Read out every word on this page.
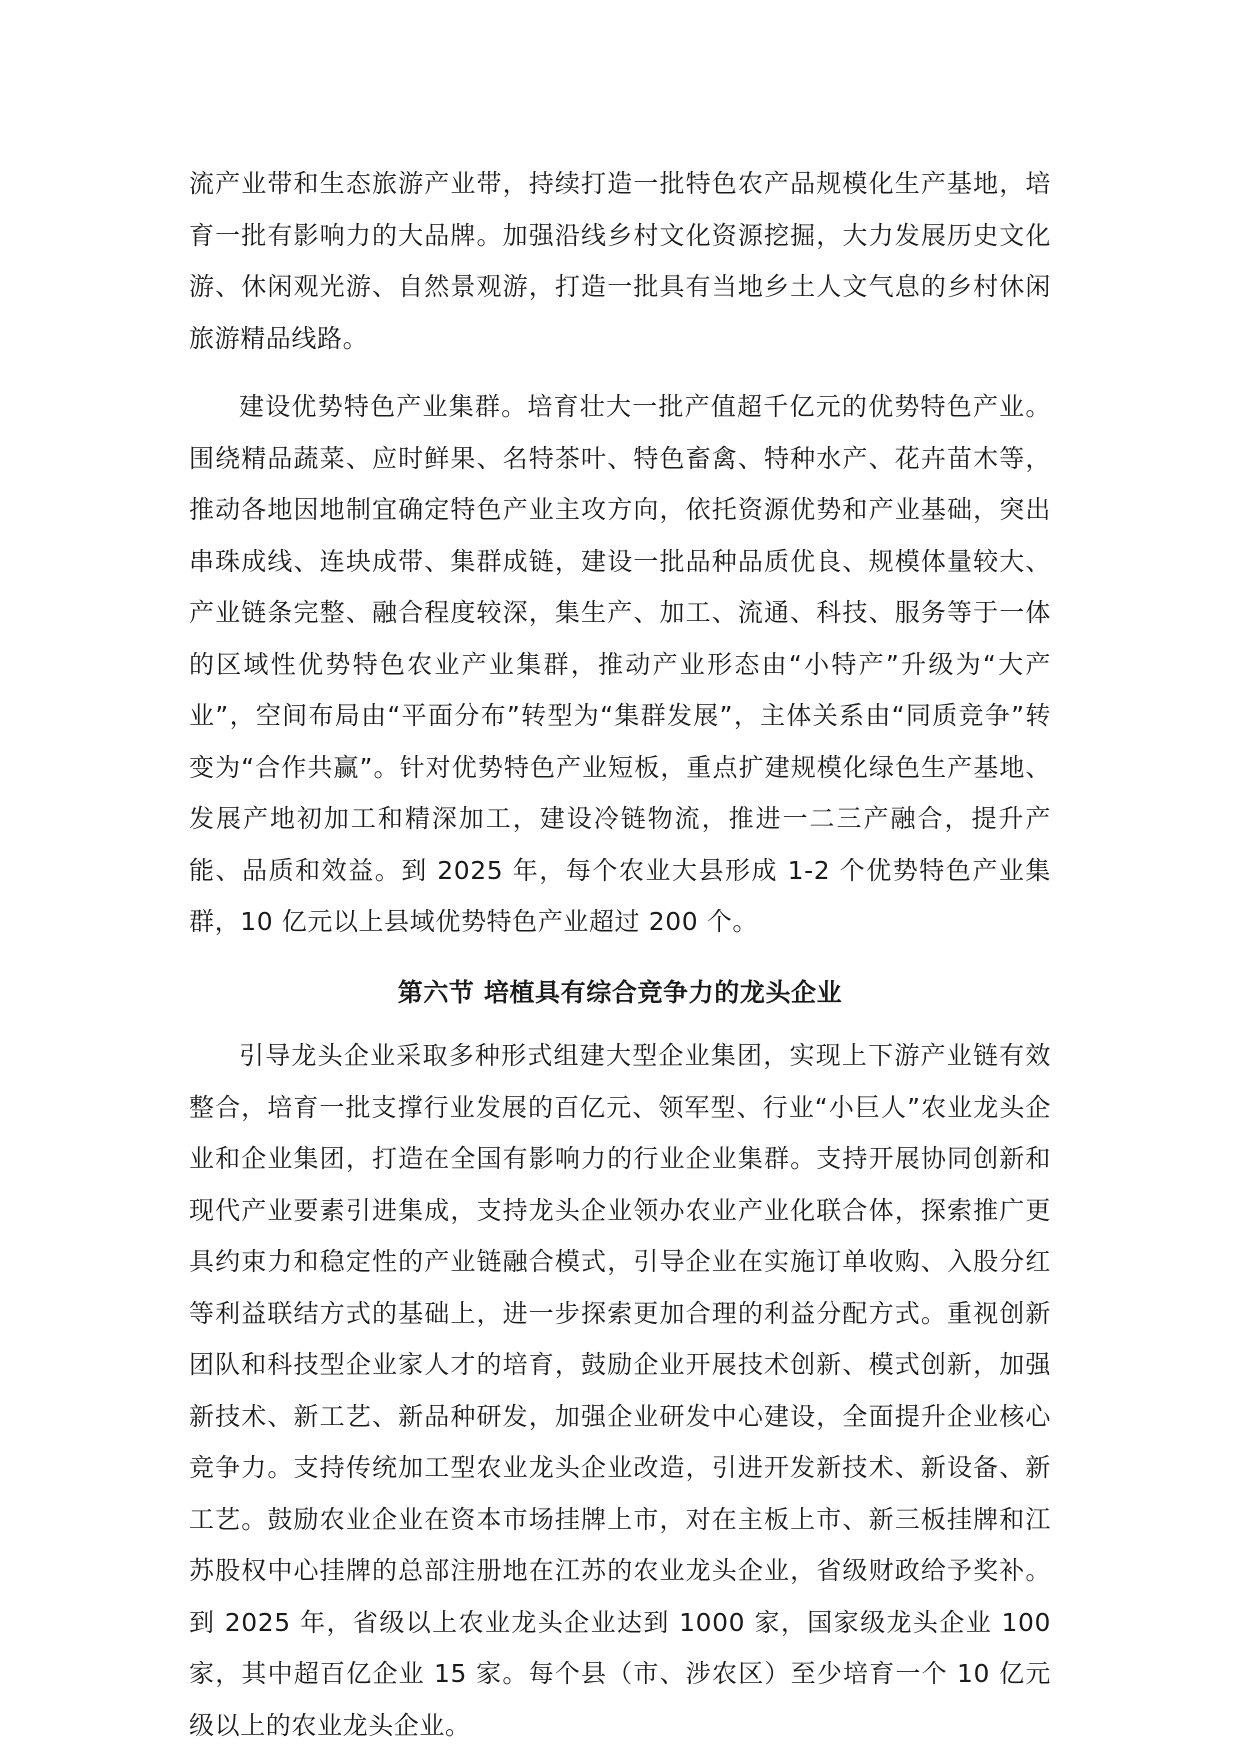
流产业带和生态旅游产业带，持续打造一批特色农产品规模化生产基地，培育一批有影响力的大品牌。加强沿线乡村文化资源挖掘，大力发展历史文化游、休闲观光游、自然景观游，打造一批具有当地乡土人文气息的乡村休闲旅游精品线路。

建设优势特色产业集群。培育壮大一批产值超千亿元的优势特色产业。围绕精品蔬菜、应时鲜果、名特茶叶、特色畜禽、特种水产、花卉苗木等，推动各地因地制宜确定特色产业主攻方向，依托资源优势和产业基础，突出串珠成线、连块成带、集群成链，建设一批品种品质优良、规模体量较大、产业链条完整、融合程度较深，集生产、加工、流通、科技、服务等于一体的区域性优势特色农业产业集群，推动产业形态由“小特产”升级为“大产业”，空间布局由“平面分布”转型为“集群发展”，主体关系由“同质竞争”转变为“合作共赢”。针对优势特色产业短板，重点扩建规模化绿色生产基地、发展产地初加工和精深加工，建设冷链物流，推进一二三产融合，提升产能、品质和效益。到 2025 年，每个农业大县形成 1-2 个优势特色产业集群，10 亿元以上县域优势特色产业超过 200 个。

第六节 培植具有综合竞争力的龙头企业

引导龙头企业采取多种形式组建大型企业集团，实现上下游产业链有效整合，培育一批支撑行业发展的百亿元、领军型、行业“小巨人”农业龙头企业和企业集团，打造在全国有影响力的行业企业集群。支持开展协同创新和现代产业要素引进集成，支持龙头企业领办农业产业化联合体，探索推广更具约束力和稳定性的产业链融合模式，引导企业在实施订单收购、入股分红等利益联结方式的基础上，进一步探索更加合理的利益分配方式。重视创新团队和科技型企业家人才的培育，鼓励企业开展技术创新、模式创新，加强新技术、新工艺、新品种研发，加强企业研发中心建设，全面提升企业核心竞争力。支持传统加工型农业龙头企业改造，引进开发新技术、新设备、新工艺。鼓励农业企业在资本市场挂牌上市，对在主板上市、新三板挂牌和江苏股权中心挂牌的总部注册地在江苏的农业龙头企业，省级财政给予奖补。到 2025 年，省级以上农业龙头企业达到 1000 家，国家级龙头企业 100 家，其中超百亿企业 15 家。每个县（市、涉农区）至少培育一个 10 亿元级以上的农业龙头企业。
